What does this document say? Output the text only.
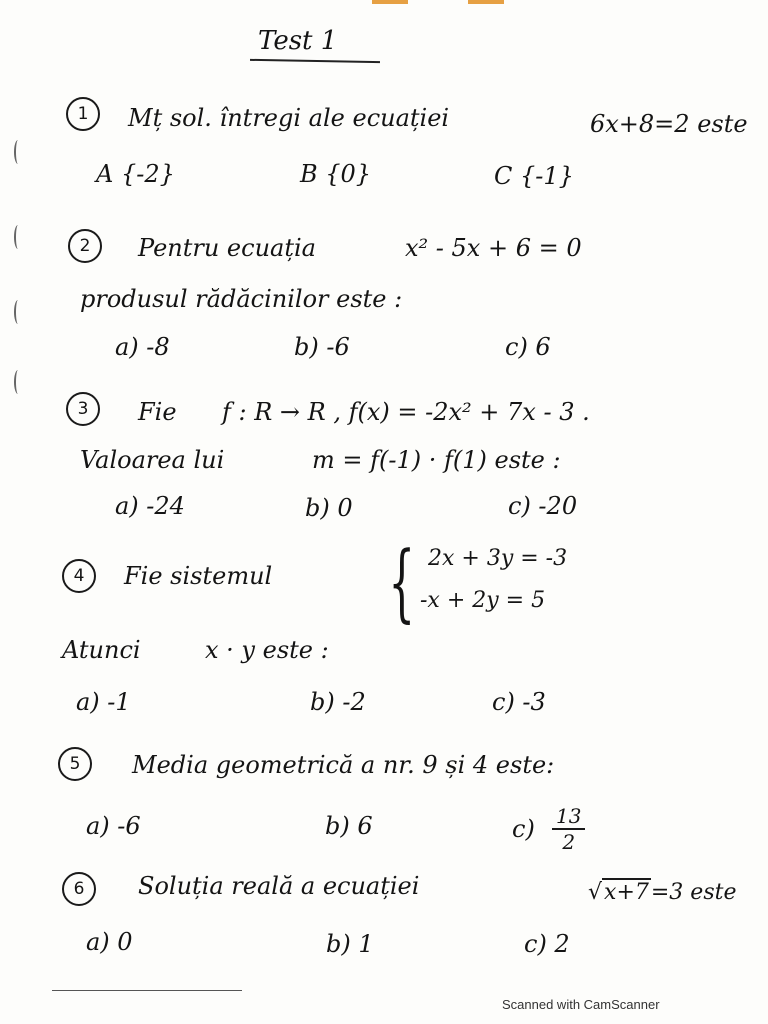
Test 1
1	Mț sol. întregi ale ecuației	6x+8=2 este
A {-2}	B {0}	C {-1}
2	Pentru ecuația	x² - 5x + 6 = 0
produsul rădăcinilor este :
a) -8	b) -6	c) 6
3	Fie f : R → R , f(x) = -2x² + 7x - 3 .
Valoarea lui	m = f(-1) · f(1) este :
a) -24	b) 0	c) -20
4	Fie sistemul { 2x + 3y = -3
-x + 2y = 5
Atunci	x · y este :
a) -1	b) -2	c) -3
5	Media geometrică a nr. 9 și 4 este:
a) -6	b) 6	$c) \frac{13}{2}$
6	Soluția reală a ecuației	√x+7=3 este
a) 0	b) 1	c) 2
Scanned with CamScanner
